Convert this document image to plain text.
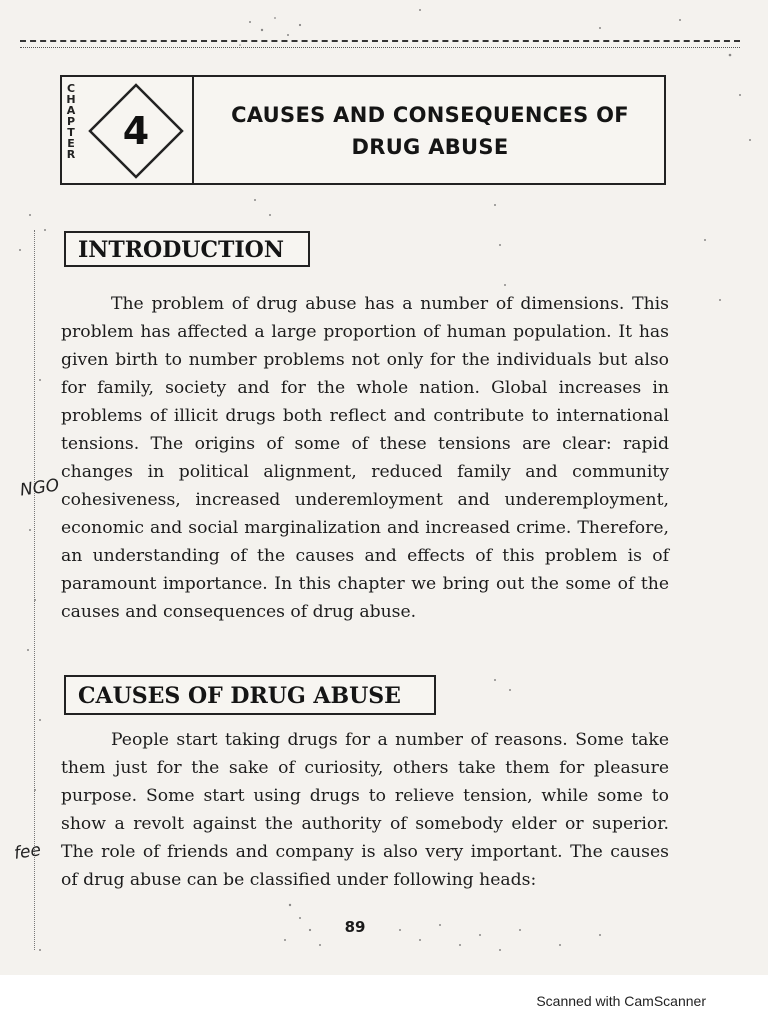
CHAPTER
4	CAUSES AND CONSEQUENCES OF
DRUG ABUSE
INTRODUCTION

The problem of drug abuse has a number of dimensions. This problem has affected a large proportion of human population. It has given birth to number problems not only for the individuals but also for family, society and for the whole nation. Global increases in problems of illicit drugs both reflect and contribute to international tensions. The origins of some of these tensions are clear: rapid changes in political alignment, reduced family and community cohesiveness, increased underemloyment and underemployment, economic and social marginalization and increased crime. Therefore, an understanding of the causes and effects of this problem is of paramount importance. In this chapter we bring out the some of the causes and consequences of drug abuse.

NGO
CAUSES OF DRUG ABUSE

People start taking drugs for a number of reasons. Some take them just for the sake of curiosity, others take them for pleasure purpose. Some start using drugs to relieve tension, while some to show a revolt against the authority of somebody elder or superior. The role of friends and company is also very important. The causes of drug abuse can be classified under following heads:

fee
89
Scanned with CamScanner
